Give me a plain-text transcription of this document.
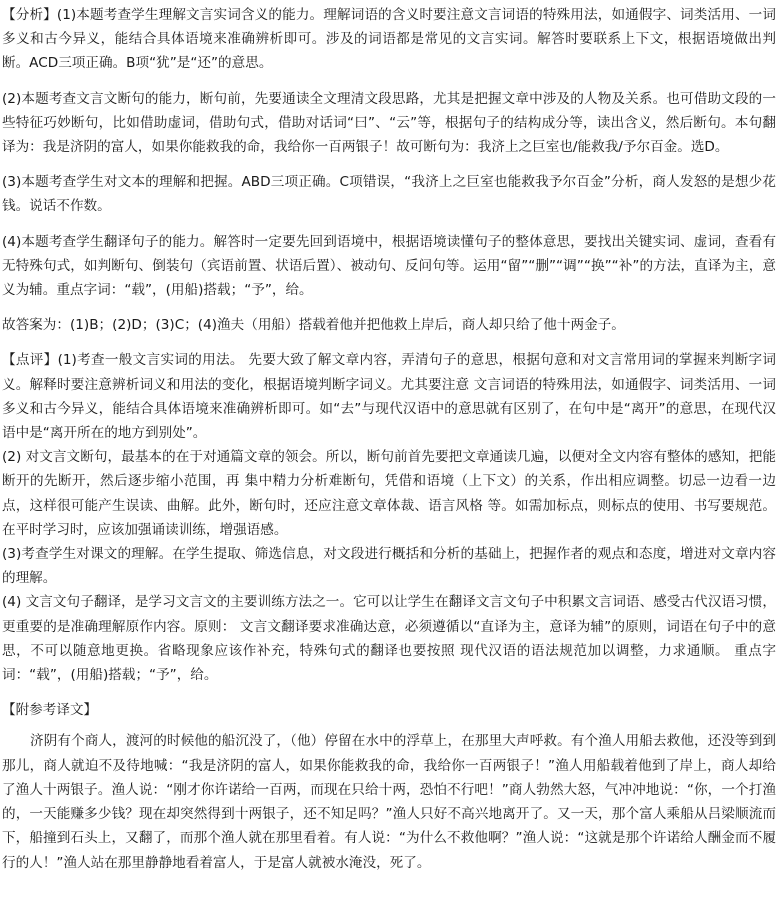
【分析】(1)本题考查学生理解文言实词含义的能力。理解词语的含义时要注意文言词语的特殊用法，如通假字、词类活用、一词多义和古今异义，能结合具体语境来准确辨析即可。涉及的词语都是常见的文言实词。解答时要联系上下文，根据语境做出判断。ACD三项正确。B项“犹”是“还”的意思。

(2)本题考查文言文断句的能力，断句前，先要通读全文理清文段思路，尤其是把握文章中涉及的人物及关系。也可借助文段的一些特征巧妙断句，比如借助虚词，借助句式，借助对话词“曰”、“云”等，根据句子的结构成分等，读出含义，然后断句。本句翻译为：我是济阴的富人，如果你能救我的命，我给你一百两银子！故可断句为：我济上之巨室也/能救我/予尔百金。选D。

(3)本题考查学生对文本的理解和把握。ABD三项正确。C项错误，“我济上之巨室也能救我予尔百金”分析，商人发怒的是想少花钱。说话不作数。

(4)本题考查学生翻译句子的能力。解答时一定要先回到语境中，根据语境读懂句子的整体意思，要找出关键实词、虚词，查看有无特殊句式，如判断句、倒装句（宾语前置、状语后置）、被动句、反问句等。运用“留”“删”“调”“换”“补”的方法，直译为主，意义为辅。重点字词：“载”，(用船)搭载；“予”，给。

故答案为：(1)B；(2)D；(3)C；(4)渔夫（用船）搭载着他并把他救上岸后，商人却只给了他十两金子。

【点评】(1)考查一般文言实词的用法。 先要大致了解文章内容，弄清句子的意思，根据句意和对文言常用词的掌握来判断字词义。解释时要注意辨析词义和用法的变化，根据语境判断字词义。尤其要注意 文言词语的特殊用法，如通假字、词类活用、一词多义和古今异义，能结合具体语境来准确辨析即可。如“去”与现代汉语中的意思就有区别了，在句中是“离开”的意思，在现代汉语中是“离开所在的地方到别处”。

(2) 对文言文断句，最基本的在于对通篇文章的领会。所以，断句前首先要把文章通读几遍，以便对全文内容有整体的感知，把能断开的先断开，然后逐步缩小范围，再 集中精力分析难断句，凭借和语境（上下文）的关系，作出相应调整。切忌一边看一边点，这样很可能产生误读、曲解。此外，断句时，还应注意文章体裁、语言风格 等。如需加标点，则标点的使用、书写要规范。在平时学习时，应该加强诵读训练，增强语感。

(3)考查学生对课文的理解。在学生提取、筛选信息，对文段进行概括和分析的基础上，把握作者的观点和态度，增进对文章内容的理解。

(4) 文言文句子翻译，是学习文言文的主要训练方法之一。它可以让学生在翻译文言文句子中积累文言词语、感受古代汉语习惯，更重要的是准确理解原作内容。原则： 文言文翻译要求准确达意，必须遵循以“直译为主，意译为辅”的原则，词语在句子中的意思，不可以随意地更换。省略现象应该作补充，特殊句式的翻译也要按照 现代汉语的语法规范加以调整，力求通顺。 重点字词：“载”，(用船)搭载；“予”，给。

【附参考译文】

济阴有个商人，渡河的时候他的船沉没了，（他）停留在水中的浮草上，在那里大声呼救。有个渔人用船去救他，还没等到到那儿，商人就迫不及待地喊：“我是济阴的富人，如果你能救我的命，我给你一百两银子！”渔人用船载着他到了岸上，商人却给了渔人十两银子。渔人说：“刚才你许诺给一百两，而现在只给十两，恐怕不行吧！”商人勃然大怒，气冲冲地说：“你，一个打渔的，一天能赚多少钱？现在却突然得到十两银子，还不知足吗？”渔人只好不高兴地离开了。又一天，那个富人乘船从吕梁顺流而下，船撞到石头上，又翻了，而那个渔人就在那里看着。有人说：“为什么不救他啊？”渔人说：“这就是那个许诺给人酬金而不履行的人！”渔人站在那里静静地看着富人，于是富人就被水淹没，死了。
